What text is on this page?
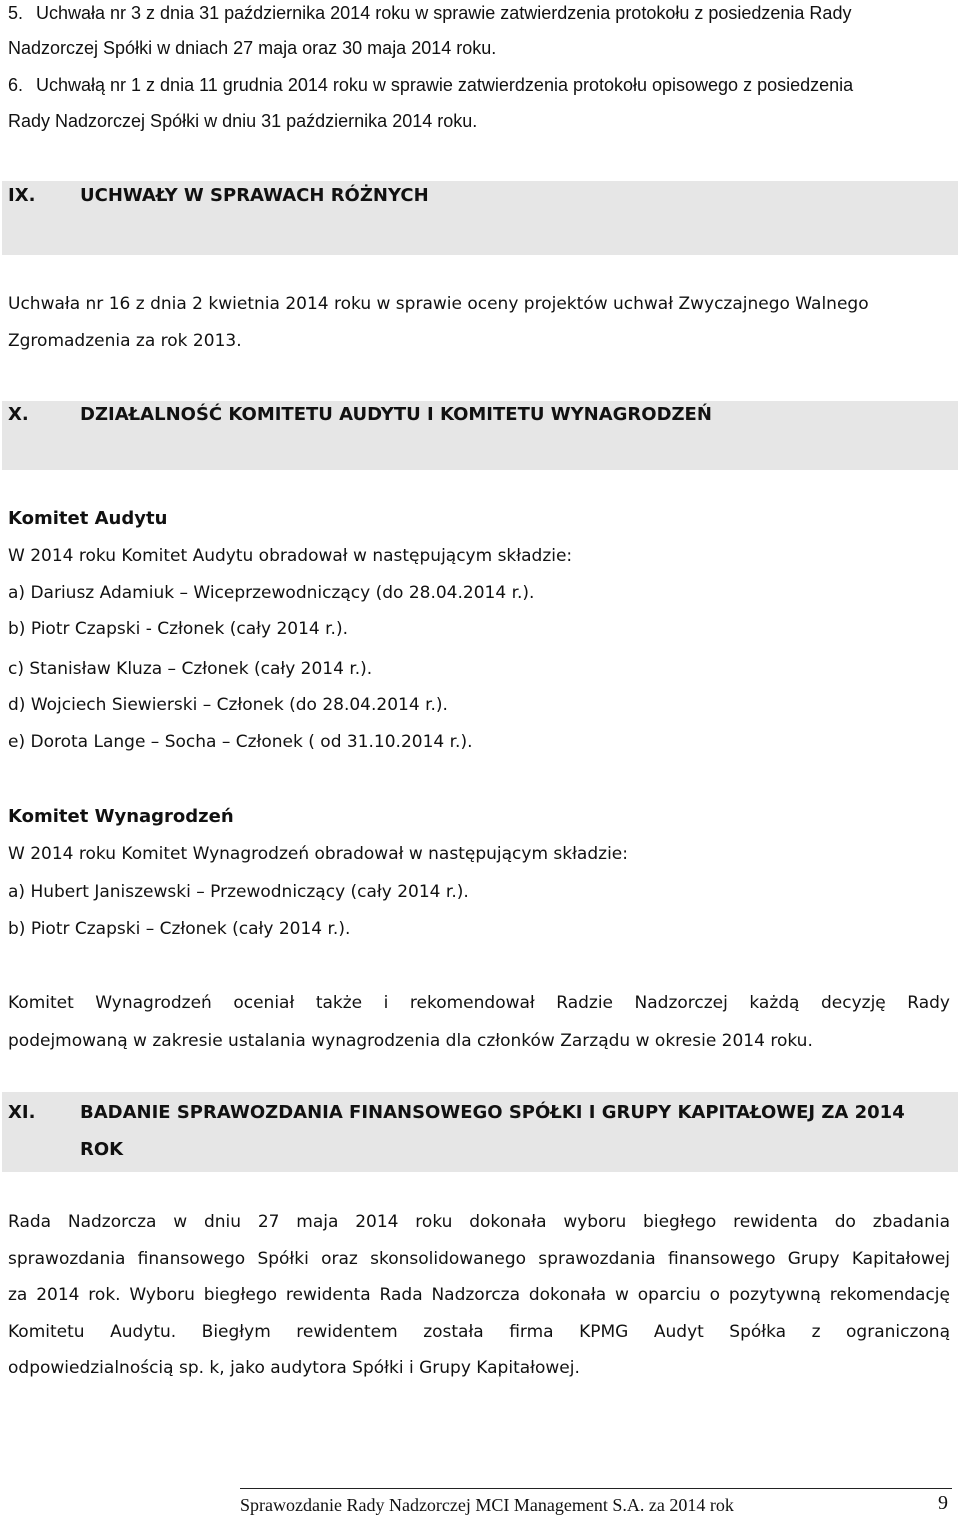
5. Uchwała nr 3 z dnia 31 października 2014 roku w sprawie zatwierdzenia protokołu z posiedzenia Rady
Nadzorczej Spółki w dniach 27 maja oraz 30 maja 2014 roku.
6. Uchwałą nr 1 z dnia 11 grudnia 2014 roku w sprawie zatwierdzenia protokołu opisowego z posiedzenia
Rady Nadzorczej Spółki w dniu 31 października 2014 roku.
IX. UCHWAŁY W SPRAWACH RÓŻNYCH
Uchwała nr 16 z dnia 2 kwietnia 2014 roku w sprawie oceny projektów uchwał Zwyczajnego Walnego
Zgromadzenia za rok 2013.
X.	DZIAŁALNOŚĆ KOMITETU AUDYTU I KOMITETU WYNAGRODZEŃ
Komitet Audytu
W 2014 roku Komitet Audytu obradował w następującym składzie:
a) Dariusz Adamiuk – Wiceprzewodniczący (do 28.04.2014 r.).
b) Piotr Czapski - Członek (cały 2014 r.).
c) Stanisław Kluza – Członek (cały 2014 r.).
d) Wojciech Siewierski – Członek (do 28.04.2014 r.).
e) Dorota Lange – Socha – Członek ( od 31.10.2014 r.).
Komitet Wynagrodzeń
W 2014 roku Komitet Wynagrodzeń obradował w następującym składzie:
a) Hubert Janiszewski – Przewodniczący (cały 2014 r.).
b) Piotr Czapski – Członek (cały 2014 r.).
Komitet Wynagrodzeń oceniał także i rekomendował Radzie Nadzorczej każdą decyzję Rady
podejmowaną w zakresie ustalania wynagrodzenia dla członków Zarządu w okresie 2014 roku.
XI. BADANIE SPRAWOZDANIA FINANSOWEGO SPÓŁKI I GRUPY KAPITAŁOWEJ ZA 2014
ROK
Rada Nadzorcza w dniu 27 maja 2014 roku dokonała wyboru biegłego rewidenta do zbadania
sprawozdania finansowego Spółki oraz skonsolidowanego sprawozdania finansowego Grupy Kapitałowej
za 2014 rok. Wyboru biegłego rewidenta Rada Nadzorcza dokonała w oparciu o pozytywną rekomendację
Komitetu Audytu. Biegłym rewidentem została firma KPMG Audyt Spółka z ograniczoną
odpowiedzialnością sp. k, jako audytora Spółki i Grupy Kapitałowej.
Sprawozdanie Rady Nadzorczej MCI Management S.A. za 2014 rok	9
